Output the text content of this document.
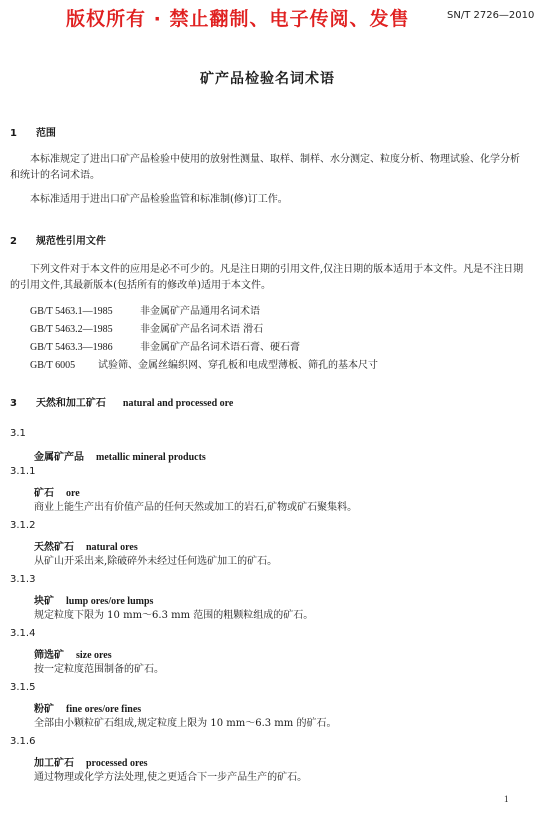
版权所有 · 禁止翻制、电子传阅、发售	SN/T 2726—2010
矿产品检验名词术语
1 范围
本标准规定了进出口矿产品检验中使用的放射性测量、取样、制样、水分测定、粒度分析、物理试验、化学分析和统计的名词术语。
本标准适用于进出口矿产品检验监管和标准制(修)订工作。
2 规范性引用文件
下列文件对于本文件的应用是必不可少的。凡是注日期的引用文件,仅注日期的版本适用于本文件。凡是不注日期的引用文件,其最新版本(包括所有的修改单)适用于本文件。
GB/T 5463.1—1985	非金属矿产品通用名词术语
GB/T 5463.2—1985	非金属矿产品名词术语 滑石
GB/T 5463.3—1986	非金属矿产品名词术语石膏、硬石膏
GB/T 6005 试验筛、金属丝编织网、穿孔板和电成型薄板、筛孔的基本尺寸
3 天然和加工矿石 natural and processed ore
3.1
金属矿产品 metallic mineral products
3.1.1
矿石 ore
商业上能生产出有价值产品的任何天然或加工的岩石,矿物或矿石聚集料。
3.1.2
天然矿石 natural ores
从矿山开采出来,除破碎外未经过任何选矿加工的矿石。
3.1.3
块矿 lump ores/ore lumps
规定粒度下限为 10 mm～6.3 mm 范围的粗颗粒组成的矿石。
3.1.4
筛选矿 size ores
按一定粒度范围制备的矿石。
3.1.5
粉矿 fine ores/ore fines
全部由小颗粒矿石组成,规定粒度上限为 10 mm～6.3 mm 的矿石。
3.1.6
加工矿石 processed ores
通过物理或化学方法处理,使之更适合下一步产品生产的矿石。
1
